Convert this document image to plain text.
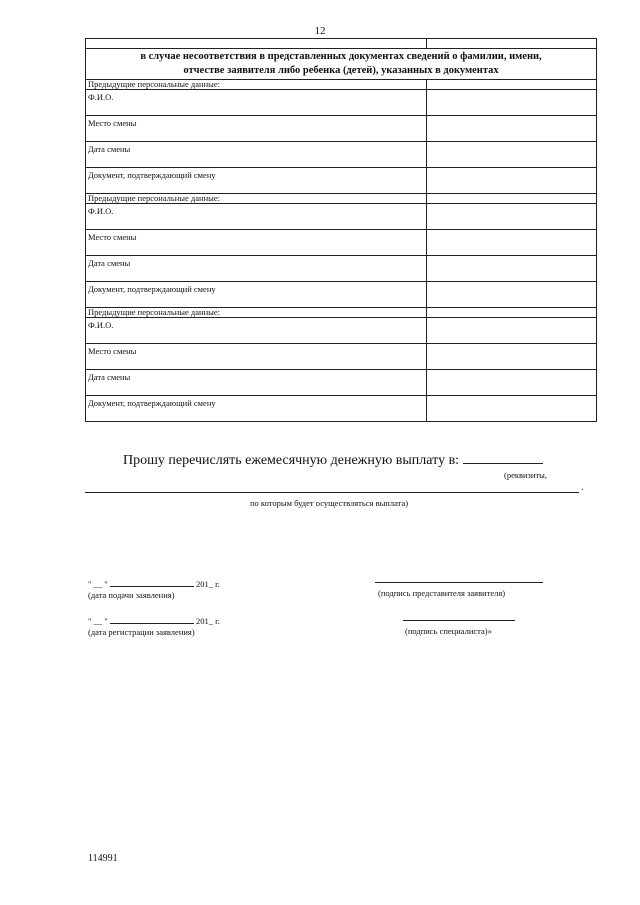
12

в случае несоответствия в представленных документах сведений о фамилии, имени,
отчестве заявителя либо ребенка (детей), указанных в документах	
Предыдущие персональные данные:	
Ф.И.О.	
Место смены	
Дата смены	
Документ, подтверждающий смену	
Предыдущие персональные данные:	
Ф.И.О.	
Место смены	
Дата смены	
Документ, подтверждающий смену	
Предыдущие персональные данные:	
Ф.И.О.	
Место смены	
Дата смены	
Документ, подтверждающий смену	
Прошу перечислять ежемесячную денежную выплату в:
(реквизиты,
.
по которым будет осуществляться выплата)
" __ "	201_ г.
(дата подачи заявления)	(подпись представителя заявителя)
" __ "	201_ г.
(дата регистрации заявления)	(подпись специалиста)»
114991
